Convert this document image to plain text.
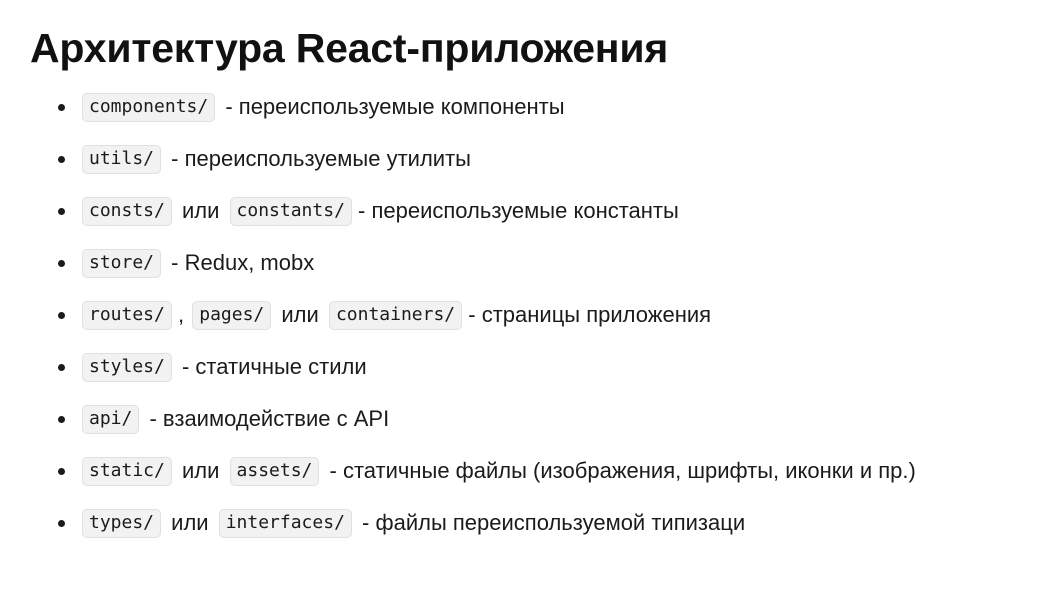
Архитектура React-приложения
components/ - переиспользуемые компоненты
utils/ - переиспользуемые утилиты
consts/ или constants/ - переиспользуемые константы
store/ - Redux, mobx
routes/ , pages/ или containers/ - страницы приложения
styles/ - статичные стили
api/ - взаимодействие с API
static/ или assets/ - статичные файлы (изображения, шрифты, иконки и пр.)
types/ или interfaces/ - файлы переиспользуемой типизаци
